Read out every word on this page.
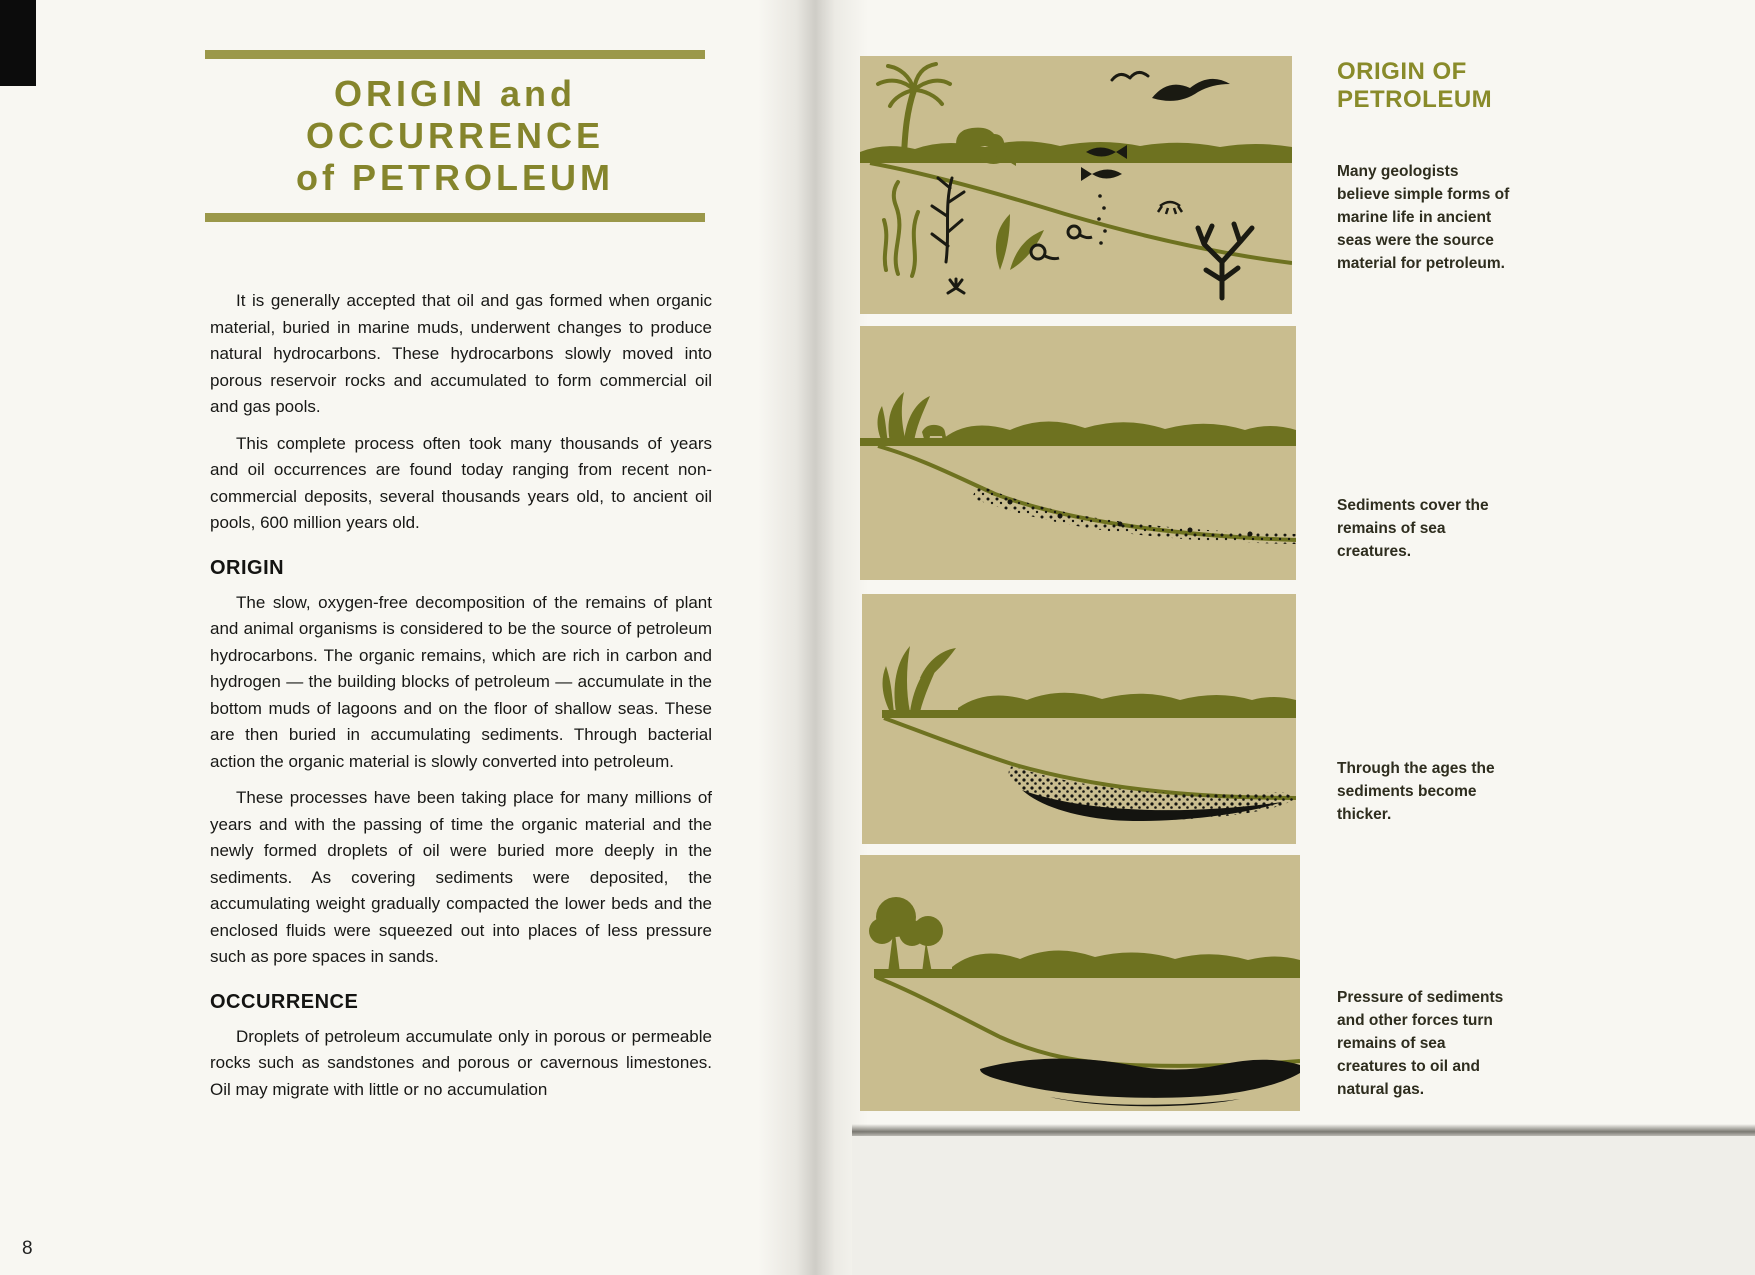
ORIGIN and
OCCURRENCE
of PETROLEUM

It is generally accepted that oil and gas formed when organic material, buried in marine muds, underwent changes to produce natural hydrocarbons. These hydrocarbons slowly moved into porous reservoir rocks and accumulated to form commercial oil and gas pools.

This complete process often took many thousands of years and oil occurrences are found today ranging from recent non-commercial deposits, several thousands years old, to ancient oil pools, 600 million years old.

ORIGIN

The slow, oxygen-free decomposition of the remains of plant and animal organisms is considered to be the source of petroleum hydrocarbons. The organic remains, which are rich in carbon and hydrogen — the building blocks of petroleum — accumulate in the bottom muds of lagoons and on the floor of shallow seas. These are then buried in accumulating sediments. Through bacterial action the organic material is slowly converted into petroleum.

These processes have been taking place for many millions of years and with the passing of time the organic material and the newly formed droplets of oil were buried more deeply in the sediments. As covering sediments were deposited, the accumulating weight gradually compacted the lower beds and the enclosed fluids were squeezed out into places of less pressure such as pore spaces in sands.

OCCURRENCE

Droplets of petroleum accumulate only in porous or permeable rocks such as sandstones and porous or cavernous limestones. Oil may migrate with little or no accumulation

8
ORIGIN OF PETROLEUM

Many geologists believe simple forms of marine life in ancient seas were the source material for petroleum.

Sediments cover the remains of sea creatures.

Through the ages the sediments become thicker.

Pressure of sediments and other forces turn remains of sea creatures to oil and natural gas.
